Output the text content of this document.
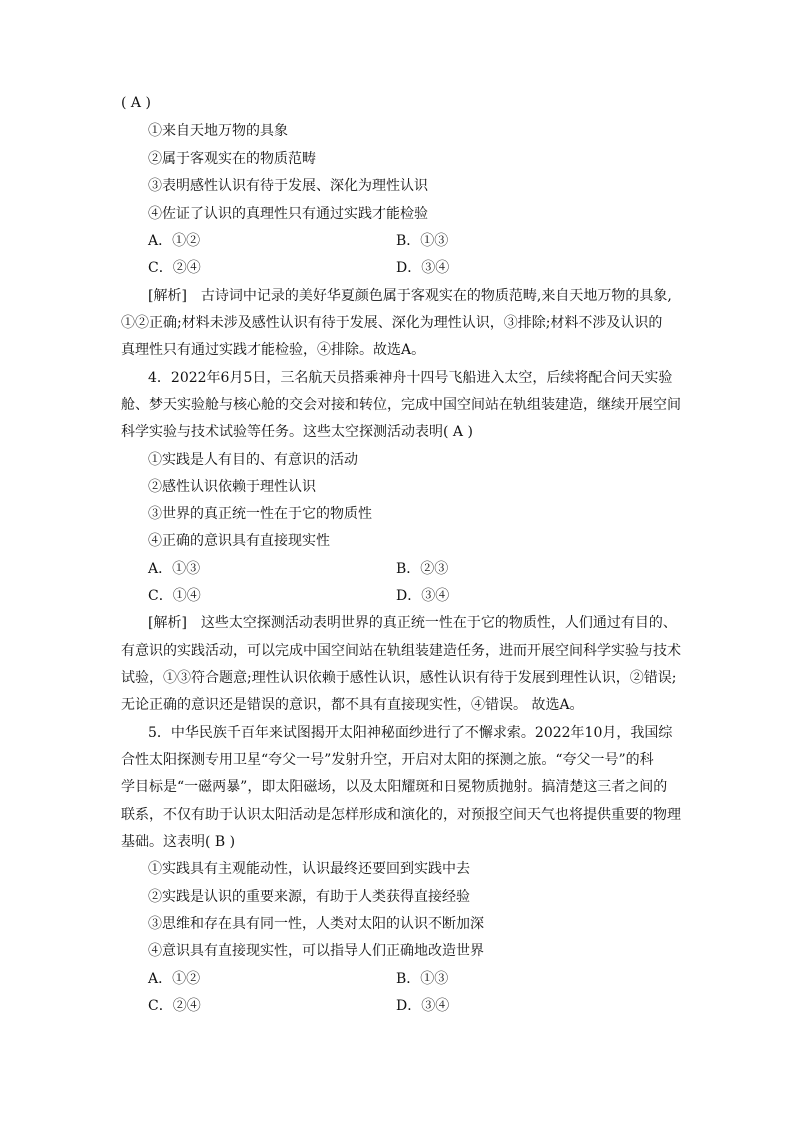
( A )
①来自天地万物的具象
②属于客观实在的物质范畴
③表明感性认识有待于发展、深化为理性认识
④佐证了认识的真理性只有通过实践才能检验
A．①②	B．①③
C．②④	D．③④
[解析]　古诗词中记录的美好华夏颜色属于客观实在的物质范畴,来自天地万物的具象,
①②正确;材料未涉及感性认识有待于发展、深化为理性认识，③排除;材料不涉及认识的
真理性只有通过实践才能检验，④排除。故选A。
4．2022年6月5日，三名航天员搭乘神舟十四号飞船进入太空，后续将配合问天实验
舱、梦天实验舱与核心舱的交会对接和转位，完成中国空间站在轨组装建造，继续开展空间
科学实验与技术试验等任务。这些太空探测活动表明( A )
①实践是人有目的、有意识的活动
②感性认识依赖于理性认识
③世界的真正统一性在于它的物质性
④正确的意识具有直接现实性
A．①③	B．②③
C．①④	D．③④
[解析]　这些太空探测活动表明世界的真正统一性在于它的物质性，人们通过有目的、
有意识的实践活动，可以完成中国空间站在轨组装建造任务，进而开展空间科学实验与技术
试验，①③符合题意;理性认识依赖于感性认识，感性认识有待于发展到理性认识，②错误;
无论正确的意识还是错误的意识，都不具有直接现实性，④错误。 故选A。
5．中华民族千百年来试图揭开太阳神秘面纱进行了不懈求索。2022年10月，我国综
合性太阳探测专用卫星“夸父一号”发射升空，开启对太阳的探测之旅。“夸父一号”的科
学目标是“一磁两暴”，即太阳磁场，以及太阳耀斑和日冕物质抛射。搞清楚这三者之间的
联系，不仅有助于认识太阳活动是怎样形成和演化的，对预报空间天气也将提供重要的物理
基础。这表明( B )
①实践具有主观能动性，认识最终还要回到实践中去
②实践是认识的重要来源，有助于人类获得直接经验
③思维和存在具有同一性，人类对太阳的认识不断加深
④意识具有直接现实性，可以指导人们正确地改造世界
A．①②	B．①③
C．②④	D．③④
